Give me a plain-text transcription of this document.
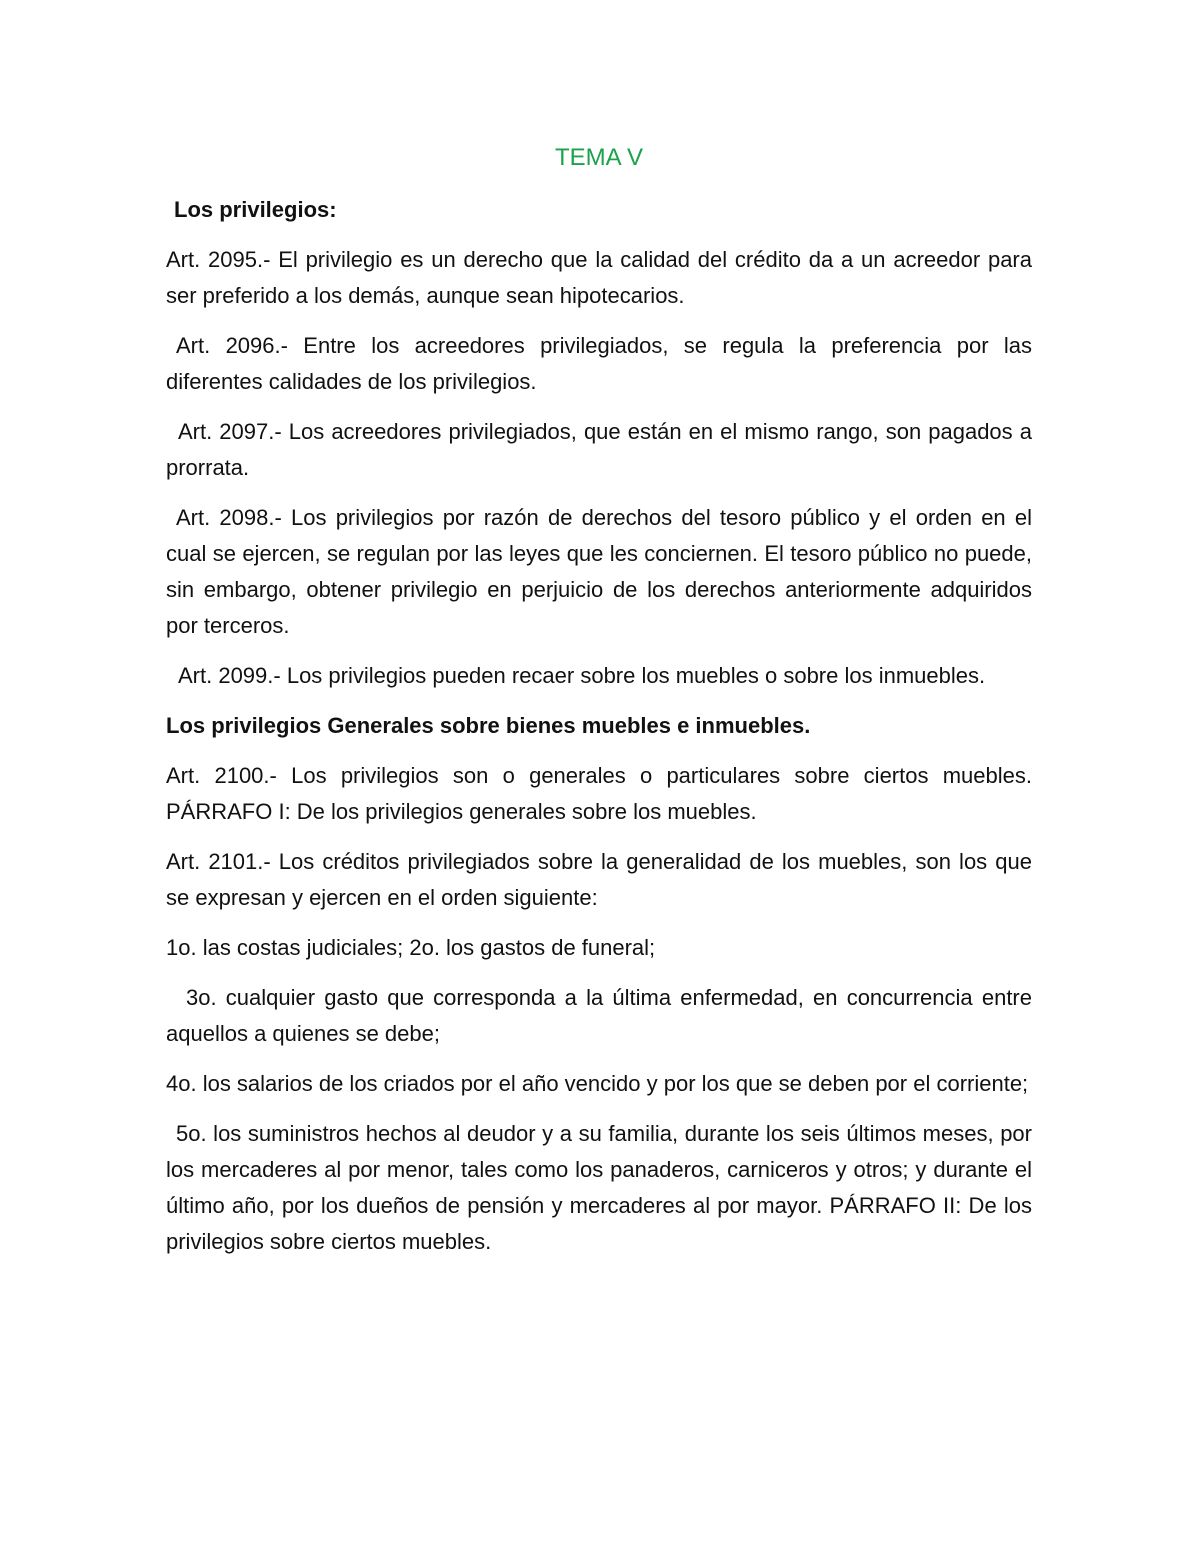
TEMA V
Los privilegios:

Art. 2095.- El privilegio es un derecho que la calidad del crédito da a un acreedor para ser preferido a los demás, aunque sean hipotecarios.

Art. 2096.- Entre los acreedores privilegiados, se regula la preferencia por las diferentes calidades de los privilegios.

Art. 2097.- Los acreedores privilegiados, que están en el mismo rango, son pagados a prorrata.

Art. 2098.- Los privilegios por razón de derechos del tesoro público y el orden en el cual se ejercen, se regulan por las leyes que les conciernen. El tesoro público no puede, sin embargo, obtener privilegio en perjuicio de los derechos anteriormente adquiridos por terceros.

Art. 2099.- Los privilegios pueden recaer sobre los muebles o sobre los inmuebles.

Los privilegios Generales sobre bienes muebles e inmuebles.

Art. 2100.- Los privilegios son o generales o particulares sobre ciertos muebles. PÁRRAFO I: De los privilegios generales sobre los muebles.

Art. 2101.- Los créditos privilegiados sobre la generalidad de los muebles, son los que se expresan y ejercen en el orden siguiente:

1o. las costas judiciales; 2o. los gastos de funeral;

3o. cualquier gasto que corresponda a la última enfermedad, en concurrencia entre aquellos a quienes se debe;

4o. los salarios de los criados por el año vencido y por los que se deben por el corriente;

5o. los suministros hechos al deudor y a su familia, durante los seis últimos meses, por los mercaderes al por menor, tales como los panaderos, carniceros y otros; y durante el último año, por los dueños de pensión y mercaderes al por mayor. PÁRRAFO II: De los privilegios sobre ciertos muebles.
